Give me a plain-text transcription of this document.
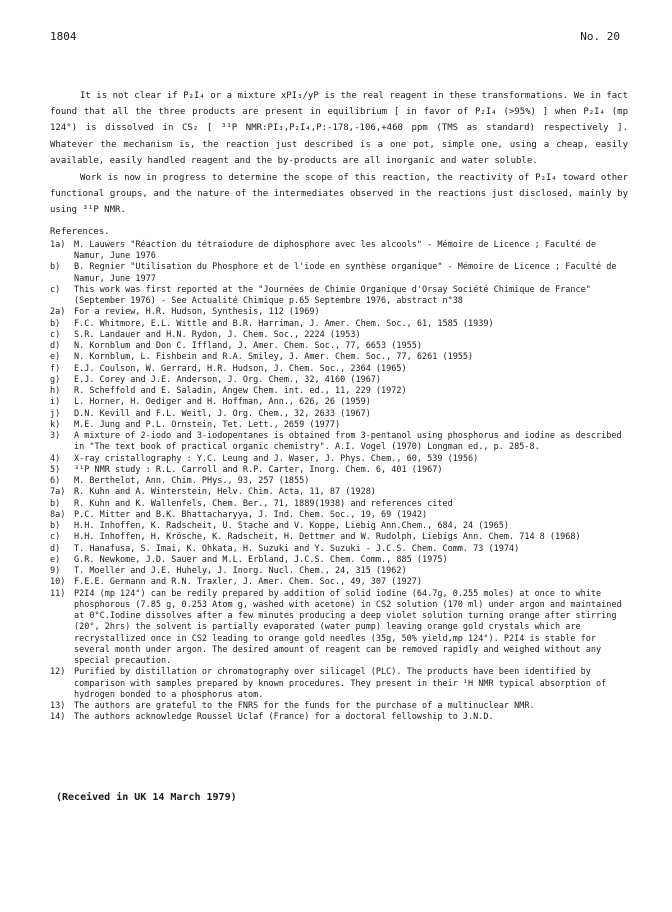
1804	No. 20

It is not clear if P₂I₄ or a mixture xPI₃/yP is the real reagent in these transformations. We in fact found that all the three products are present in equilibrium [ in favor of P₂I₄ (>95%) ] when P₂I₄ (mp 124°) is dissolved in CS₂ [ ³¹P NMR:PI₃,P₂I₄,P:-178,-106,+460 ppm (TMS as standard) respectively ]. Whatever the mechanism is, the reaction just described is a one pot, simple one, using a cheap, easily available, easily handled reagent and the by-products are all inorganic and water soluble.

Work is now in progress to determine the scope of this reaction, the reactivity of P₂I₄ toward other functional groups, and the nature of the intermediates observed in the reactions just disclosed, mainly by using ³¹P NMR.

References.
1a)	M. Lauwers "Réaction du tétraiodure de diphosphore avec les alcools" - Mémoire de Licence ; Faculté de Namur, June 1976
b)	B. Regnier "Utilisation du Phosphore et de l'iode en synthèse organique" - Mémoire de Licence ; Faculté de Namur, June 1977
c)	This work was first reported at the "Journées de Chimie Organique d'Orsay Société Chimique de France" (September 1976) - See Actualité Chimique p.65 Septembre 1976, abstract n°38
2a)	For a review, H.R. Hudson, Synthesis, 112 (1969)
b)	F.C. Whitmore, E.L. Wittle and B.R. Harriman, J. Amer. Chem. Soc., 61, 1585 (1939)
c)	S.R. Landauer and H.N. Rydon, J. Chem. Soc., 2224 (1953)
d)	N. Kornblum and Don C. Iffland, J. Amer. Chem. Soc., 77, 6653 (1955)
e)	N. Kornblum, L. Fishbein and R.A. Smiley, J. Amer. Chem. Soc., 77, 6261 (1955)
f)	E.J. Coulson, W. Gerrard, H.R. Hudson, J. Chem. Soc., 2364 (1965)
g)	E.J. Corey and J.E. Anderson, J. Org. Chem., 32, 4160 (1967)
h)	R. Scheffold and E. Saladin, Angew Chem. int. ed., 11, 229 (1972)
i)	L. Horner, H. Oediger and H. Hoffman, Ann., 626, 26 (1959)
j)	D.N. Kevill and F.L. Weitl, J. Org. Chem., 32, 2633 (1967)
k)	M.E. Jung and P.L. Ornstein, Tet. Lett., 2659 (1977)
3)	A mixture of 2-iodo and 3-iodopentanes is obtained from 3-pentanol using phosphorus and iodine as described in "The text book of practical organic chemistry". A.I. Vogel (1970) Longman ed., p. 285-8.
4)	X-ray cristallography : Y.C. Leung and J. Waser, J. Phys. Chem., 60, 539 (1956)
5)	³¹P NMR study : R.L. Carroll and R.P. Carter, Inorg. Chem. 6, 401 (1967)
6)	M. Berthelot, Ann. Chim. PHys., 93, 257 (1855)
7a)	R. Kuhn and A. Winterstein, Helv. Chim. Acta, 11, 87 (1928)
b)	R. Kuhn and K. Wallenfels, Chem. Ber., 71, 1889(1938) and references cited
8a)	P.C. Mitter and B.K. Bhattacharyya, J. Ind. Chem. Soc., 19, 69 (1942)
b)	H.H. Inhoffen, K. Radscheit, U. Stache and V. Koppe, Liebig Ann.Chem., 684, 24 (1965)
c)	H.H. Inhoffen, H. Krösche, K. Radscheit, H. Dettmer and W. Rudolph, Liebigs Ann. Chem. 714 8 (1968)
d)	T. Hanafusa, S. Imai, K. Ohkata, H. Suzuki and Y. Suzuki - J.C.S. Chem. Comm. 73 (1974)
e)	G.R. Newkome, J.D. Sauer and M.L. Erbland, J.C.S. Chem. Comm., 885 (1975)
9)	T. Moeller and J.E. Huhely, J. Inorg. Nucl. Chem., 24, 315 (1962)
10)	F.E.E. Germann and R.N. Traxler, J. Amer. Chem. Soc., 49, 307 (1927)
11)	P2I4 (mp 124°) can be redily prepared by addition of solid iodine (64.7g, 0.255 moles) at once to white phosphorous (7.85 g, 0.253 Atom g, washed with acetone) in CS2 solution (170 ml) under argon and maintained at 0°C.Iodine dissolves after a few minutes producing a deep violet solution turning orange after stirring (20°, 2hrs) the solvent is partially evaporated (water pump) leaving orange gold crystals which are recrystallized once in CS2 leading to orange gold needles (35g, 50% yield,mp 124°). P2I4 is stable for several month under argon. The desired amount of reagent can be removed rapidly and weighed without any special precaution.
12)	Purified by distillation or chromatography over silicagel (PLC). The products have been identified by comparison with samples prepared by known procedures. They present in their ¹H NMR typical absorption of hydrogen bonded to a phosphorus atom.
13)	The authors are grateful to the FNRS for the funds for the purchase of a multinuclear NMR.
14)	The authors acknowledge Roussel Uclaf (France) for a doctoral fellowship to J.N.D.
(Received in UK 14 March 1979)
